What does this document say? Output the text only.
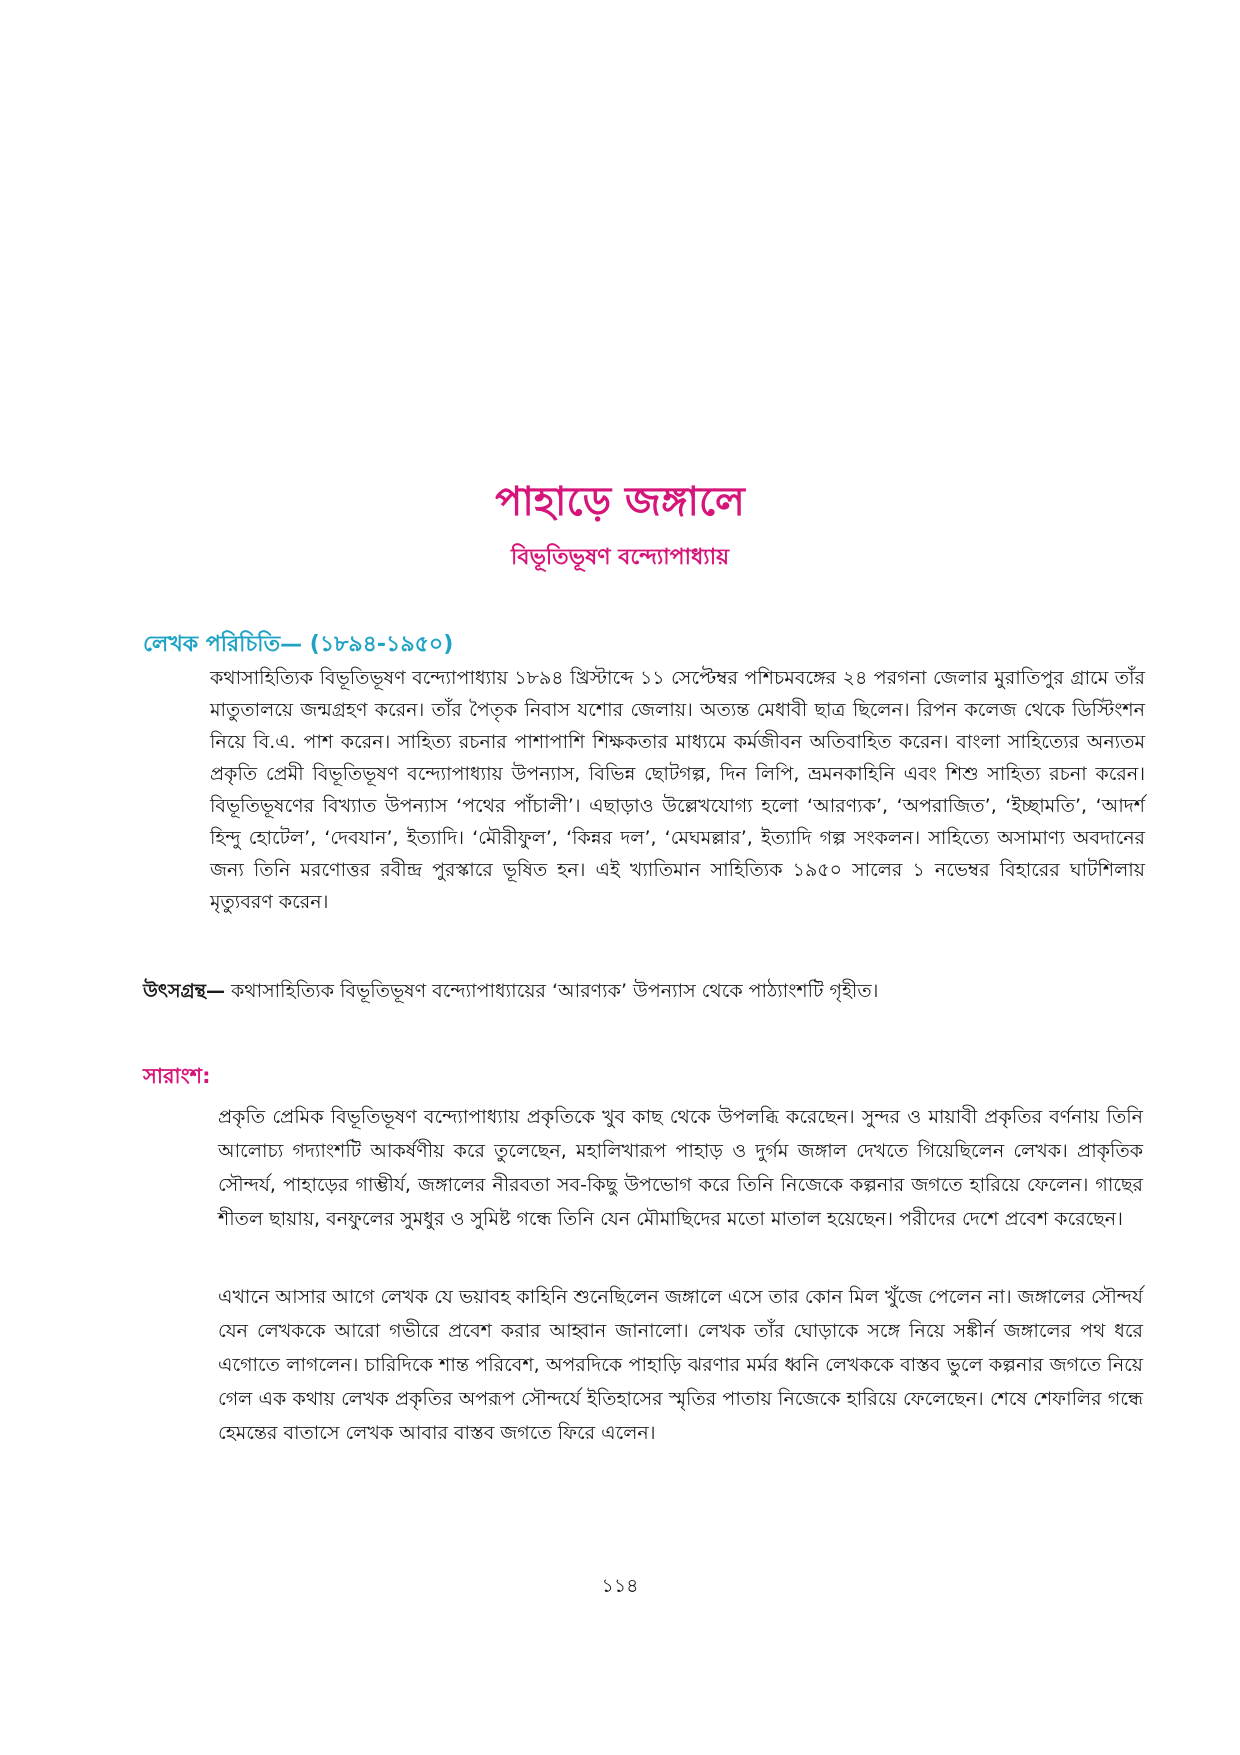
পাহাড়ে জঙ্গালে
বিভূতিভূষণ বন্দ্যোপাধ্যায়
লেখক পরিচিতি— (১৮৯৪-১৯৫০)

কথাসাহিত্যিক বিভূতিভূষণ বন্দ্যোপাধ্যায় ১৮৯৪ খ্রিস্টাব্দে ১১ সেপ্টেম্বর পশিচমবঙ্গের ২৪ পরগনা জেলার মুরাতিপুর গ্রামে তাঁর মাতুতালয়ে জন্মগ্রহণ করেন। তাঁর পৈতৃক নিবাস যশোর জেলায়। অত্যন্ত মেধাবী ছাত্র ছিলেন। রিপন কলেজ থেকে ডিস্টিংশন নিয়ে বি.এ. পাশ করেন। সাহিত্য রচনার পাশাপাশি শিক্ষকতার মাধ্যমে কর্মজীবন অতিবাহিত করেন। বাংলা সাহিত্যের অন্যতম প্রকৃতি প্রেমী বিভূতিভূষণ বন্দ্যোপাধ্যায় উপন্যাস, বিভিন্ন ছোটগল্প, দিন লিপি, ভ্রমনকাহিনি এবং শিশু সাহিত্য রচনা করেন। বিভূতিভূষণের বিখ্যাত উপন্যাস ‘পথের পাঁচালী’। এছাড়াও উল্লেখযোগ্য হলো ‘আরণ্যক’, ‘অপরাজিত’, ‘ইচ্ছামতি’, ‘আদর্শ হিন্দু হোটেল’, ‘দেবযান’, ইত্যাদি। ‘মৌরীফুল’, ‘কিন্নর দল’, ‘মেঘমল্লার’, ইত্যাদি গল্প সংকলন। সাহিত্যে অসামাণ্য অবদানের জন্য তিনি মরণোত্তর রবীন্দ্র পুরস্কারে ভূষিত হন। এই খ্যাতিমান সাহিত্যিক ১৯৫০ সালের ১ নভেম্বর বিহারের ঘাটশিলায় মৃত্যুবরণ করেন।

উৎসগ্রন্থ— কথাসাহিত্যিক বিভূতিভূষণ বন্দ্যোপাধ্যায়ের ‘আরণ্যক’ উপন্যাস থেকে পাঠ্যাংশটি গৃহীত।

সারাংশ:

প্রকৃতি প্রেমিক বিভূতিভূষণ বন্দ্যোপাধ্যায় প্রকৃতিকে খুব কাছ থেকে উপলব্ধি করেছেন। সুন্দর ও মায়াবী প্রকৃতির বর্ণনায় তিনি আলোচ্য গদ্যাংশটি আকর্ষণীয় করে তুলেছেন, মহালিখারূপ পাহাড় ও দুর্গম জঙ্গাল দেখতে গিয়েছিলেন লেখক। প্রাকৃতিক সৌন্দর্য, পাহাড়ের গাম্ভীর্য, জঙ্গালের নীরবতা সব-কিছু উপভোগ করে তিনি নিজেকে কল্পনার জগতে হারিয়ে ফেলেন। গাছের শীতল ছায়ায়, বনফুলের সুমধুর ও সুমিষ্ট গন্ধে তিনি যেন মৌমাছিদের মতো মাতাল হয়েছেন। পরীদের দেশে প্রবেশ করেছেন।

এখানে আসার আগে লেখক যে ভয়াবহ কাহিনি শুনেছিলেন জঙ্গালে এসে তার কোন মিল খুঁজে পেলেন না। জঙ্গালের সৌন্দর্য যেন লেখককে আরো গভীরে প্রবেশ করার আহ্বান জানালো। লেখক তাঁর ঘোড়াকে সঙ্গে নিয়ে সঙ্কীর্ন জঙ্গালের পথ ধরে এগোতে লাগলেন। চারিদিকে শান্ত পরিবেশ, অপরদিকে পাহাড়ি ঝরণার মর্মর ধ্বনি লেখককে বাস্তব ভুলে কল্পনার জগতে নিয়ে গেল এক কথায় লেখক প্রকৃতির অপরূপ সৌন্দর্যে ইতিহাসের স্মৃতির পাতায় নিজেকে হারিয়ে ফেলেছেন। শেষে শেফালির গন্ধে হেমন্তের বাতাসে লেখক আবার বাস্তব জগতে ফিরে এলেন।

১১৪
